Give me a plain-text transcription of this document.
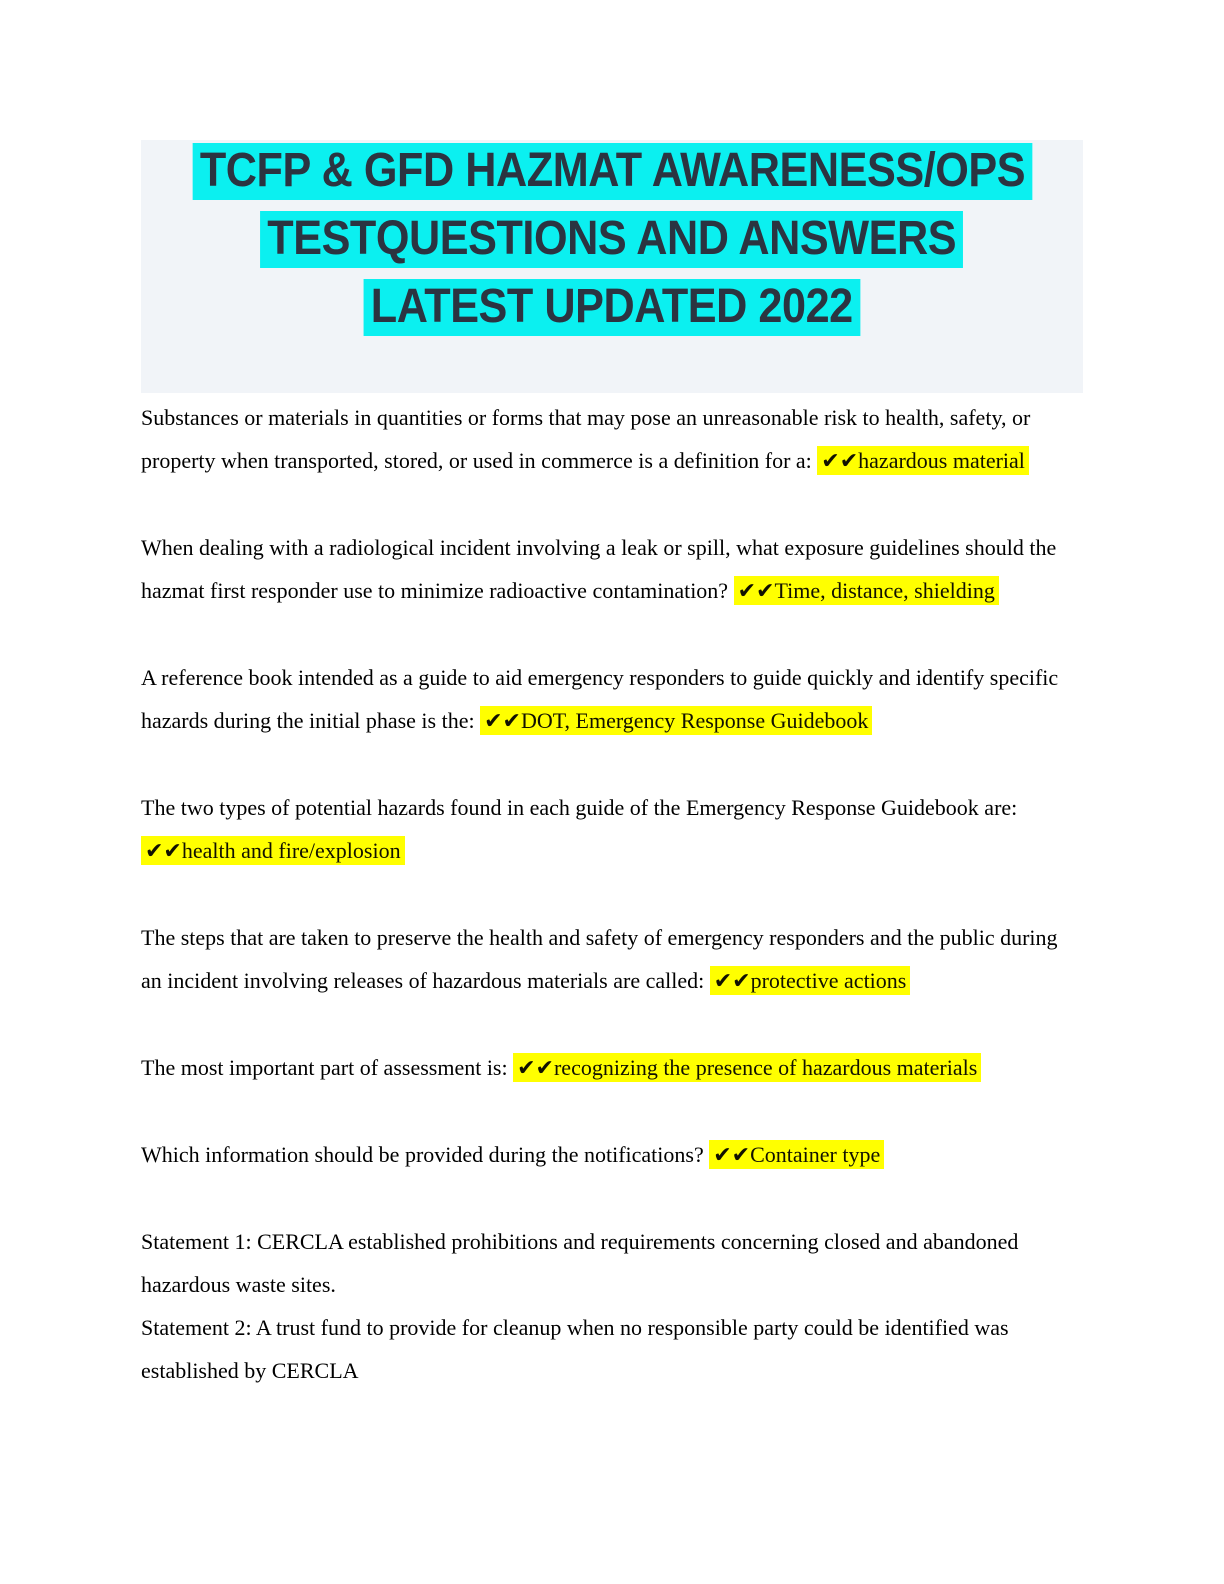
TCFP & GFD HAZMAT AWARENESS/OPS
TESTQUESTIONS AND ANSWERS
LATEST UPDATED 2022

Substances or materials in quantities or forms that may pose an unreasonable risk to health, safety, or property when transported, stored, or used in commerce is a definition for a: ✔✔hazardous material

When dealing with a radiological incident involving a leak or spill, what exposure guidelines should the hazmat first responder use to minimize radioactive contamination? ✔✔Time, distance, shielding

A reference book intended as a guide to aid emergency responders to guide quickly and identify specific hazards during the initial phase is the: ✔✔DOT, Emergency Response Guidebook

The two types of potential hazards found in each guide of the Emergency Response Guidebook are: ✔✔health and fire/explosion

The steps that are taken to preserve the health and safety of emergency responders and the public during an incident involving releases of hazardous materials are called: ✔✔protective actions

The most important part of assessment is: ✔✔recognizing the presence of hazardous materials

Which information should be provided during the notifications? ✔✔Container type

Statement 1: CERCLA established prohibitions and requirements concerning closed and abandoned hazardous waste sites.
Statement 2: A trust fund to provide for cleanup when no responsible party could be identified was established by CERCLA
